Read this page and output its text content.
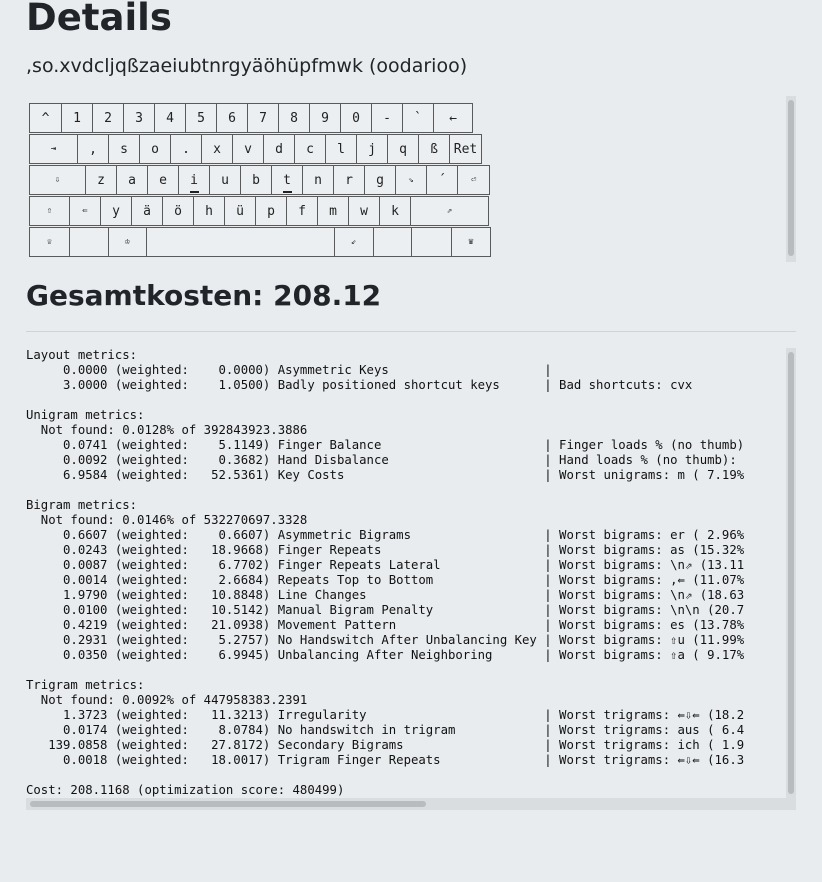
Details
,so.xvdcljqßzaeiubtnrgyäöhüpfmwk (oodarioo)
^	1	2	3	4	5	6	7	8	9	0	-	`	←
⇥	,	s	o	.	x	v	d	c	l	j	q	ß	Ret
⇩	z	a	e	i	u	b	t	n	r	g	⇘	´	⏎
⇧	⇚	y	ä	ö	h	ü	p	f	m	w	k	⇗
♕	♔	⇙	♛
Gesamtkosten: 208.12
Layout metrics:
0.0000 (weighted:    0.0000) Asymmetric Keys                     |
3.0000 (weighted:    1.0500) Badly positioned shortcut keys      | Bad shortcuts: cvx

Unigram metrics:
Not found: 0.0128% of 392843923.3886
0.0741 (weighted:    5.1149) Finger Balance                      | Finger loads % (no thumb)
0.0092 (weighted:    0.3682) Hand Disbalance                     | Hand loads % (no thumb):
6.9584 (weighted:   52.5361) Key Costs                           | Worst unigrams: m ( 7.19%

Bigram metrics:
Not found: 0.0146% of 532270697.3328
0.6607 (weighted:    0.6607) Asymmetric Bigrams                  | Worst bigrams: er ( 2.96%
0.0243 (weighted:   18.9668) Finger Repeats                      | Worst bigrams: as (15.32%
0.0087 (weighted:    6.7702) Finger Repeats Lateral              | Worst bigrams: \n⇗ (13.11
0.0014 (weighted:    2.6684) Repeats Top to Bottom               | Worst bigrams: ,⇚ (11.07%
1.9790 (weighted:   10.8848) Line Changes                        | Worst bigrams: \n⇗ (18.63
0.0100 (weighted:   10.5142) Manual Bigram Penalty               | Worst bigrams: \n\n (20.7
0.4219 (weighted:   21.0938) Movement Pattern                    | Worst bigrams: es (13.78%
0.2931 (weighted:    5.2757) No Handswitch After Unbalancing Key | Worst bigrams: ⇧u (11.99%
0.0350 (weighted:    6.9945) Unbalancing After Neighboring       | Worst bigrams: ⇧a ( 9.17%

Trigram metrics:
Not found: 0.0092% of 447958383.2391
1.3723 (weighted:   11.3213) Irregularity                        | Worst trigrams: ⇚⇩⇚ (18.2
0.0174 (weighted:    8.0784) No handswitch in trigram            | Worst trigrams: aus ( 6.4
139.0858 (weighted:   27.8172) Secondary Bigrams                   | Worst trigrams: ich ( 1.9
0.0018 (weighted:   18.0017) Trigram Finger Repeats              | Worst trigrams: ⇚⇩⇚ (16.3

Cost: 208.1168 (optimization score: 480499)
